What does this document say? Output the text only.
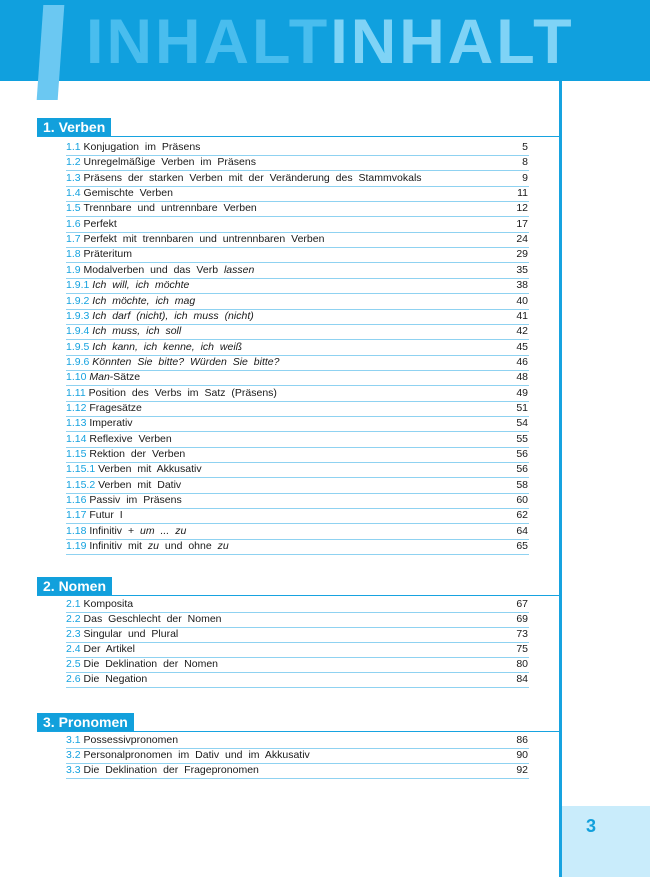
INHALTINHALT
3
1. Verben
1.1 Konjugation im Präsens	5
1.2 Unregelmäßige Verben im Präsens	8
1.3 Präsens der starken Verben mit der Veränderung des Stammvokals	9
1.4 Gemischte Verben	11
1.5 Trennbare und untrennbare Verben	12
1.6 Perfekt	17
1.7 Perfekt mit trennbaren und untrennbaren Verben	24
1.8 Präteritum	29
1.9 Modalverben und das Verb lassen	35
1.9.1 Ich will, ich möchte	38
1.9.2 Ich möchte, ich mag	40
1.9.3 Ich darf (nicht), ich muss (nicht)	41
1.9.4 Ich muss, ich soll	42
1.9.5 Ich kann, ich kenne, ich weiß	45
1.9.6 Könnten Sie bitte? Würden Sie bitte?	46
1.10 Man-Sätze	48
1.11 Position des Verbs im Satz (Präsens)	49
1.12 Fragesätze	51
1.13 Imperativ	54
1.14 Reflexive Verben	55
1.15 Rektion der Verben	56
1.15.1 Verben mit Akkusativ	56
1.15.2 Verben mit Dativ	58
1.16 Passiv im Präsens	60
1.17 Futur I	62
1.18 Infinitiv + um ... zu	64
1.19 Infinitiv mit zu und ohne zu	65
2. Nomen
2.1 Komposita	67
2.2 Das Geschlecht der Nomen	69
2.3 Singular und Plural	73
2.4 Der Artikel	75
2.5 Die Deklination der Nomen	80
2.6 Die Negation	84
3. Pronomen
3.1 Possessivpronomen	86
3.2 Personalpronomen im Dativ und im Akkusativ	90
3.3 Die Deklination der Fragepronomen	92
